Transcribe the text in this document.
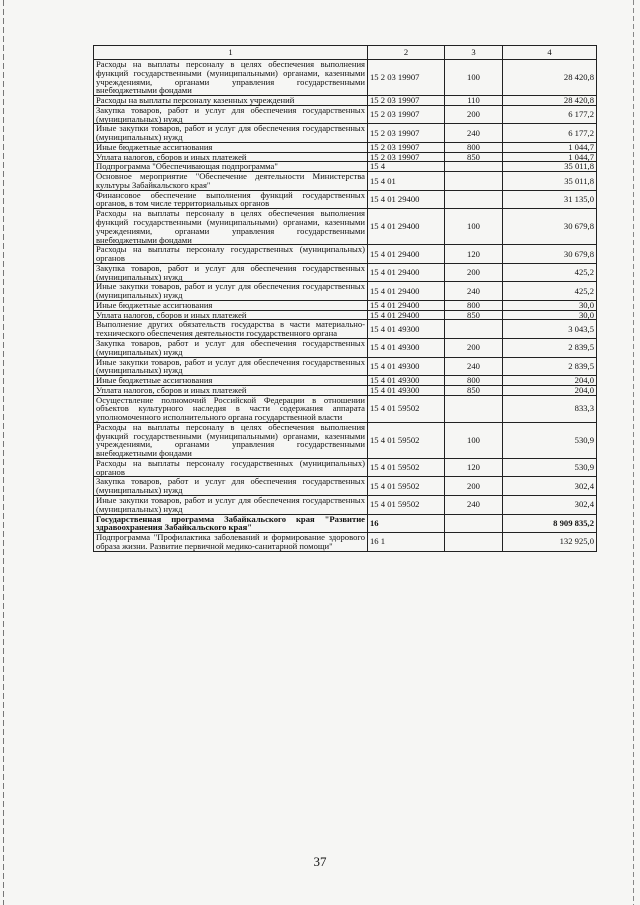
1	2	3	4
Расходы на выплаты персоналу в целях обеспечения выполнения функций государственными (муниципальными) органами, казенными учреждениями, органами управления государственными внебюджетными фондами	15 2 03 19907	100	28 420,8
Расходы на выплаты персоналу казенных учреждений	15 2 03 19907	110	28 420,8
Закупка товаров, работ и услуг для обеспечения государственных (муниципальных) нужд	15 2 03 19907	200	6 177,2
Иные закупки товаров, работ и услуг для обеспечения государственных (муниципальных) нужд	15 2 03 19907	240	6 177,2
Иные бюджетные ассигнования	15 2 03 19907	800	1 044,7
Уплата налогов, сборов и иных платежей	15 2 03 19907	850	1 044,7
Подпрограмма "Обеспечивающая подпрограмма"	15 4		35 011,8
Основное мероприятие "Обеспечение деятельности Министерства культуры Забайкальского края"	15 4 01		35 011,8
Финансовое обеспечение выполнения функций государственных органов, в том числе территориальных органов	15 4 01 29400		31 135,0
Расходы на выплаты персоналу в целях обеспечения выполнения функций государственными (муниципальными) органами, казенными учреждениями, органами управления государственными внебюджетными фондами	15 4 01 29400	100	30 679,8
Расходы на выплаты персоналу государственных (муниципальных) органов	15 4 01 29400	120	30 679,8
Закупка товаров, работ и услуг для обеспечения государственных (муниципальных) нужд	15 4 01 29400	200	425,2
Иные закупки товаров, работ и услуг для обеспечения государственных (муниципальных) нужд	15 4 01 29400	240	425,2
Иные бюджетные ассигнования	15 4 01 29400	800	30,0
Уплата налогов, сборов и иных платежей	15 4 01 29400	850	30,0
Выполнение других обязательств государства в части материально-технического обеспечения деятельности государственного органа	15 4 01 49300		3 043,5
Закупка товаров, работ и услуг для обеспечения государственных (муниципальных) нужд	15 4 01 49300	200	2 839,5
Иные закупки товаров, работ и услуг для обеспечения государственных (муниципальных) нужд	15 4 01 49300	240	2 839,5
Иные бюджетные ассигнования	15 4 01 49300	800	204,0
Уплата налогов, сборов и иных платежей	15 4 01 49300	850	204,0
Осуществление полномочий Российской Федерации в отношении объектов культурного наследия в части содержания аппарата уполномоченного исполнительного органа государственной власти	15 4 01 59502		833,3
Расходы на выплаты персоналу в целях обеспечения выполнения функций государственными (муниципальными) органами, казенными учреждениями, органами управления государственными внебюджетными фондами	15 4 01 59502	100	530,9
Расходы на выплаты персоналу государственных (муниципальных) органов	15 4 01 59502	120	530,9
Закупка товаров, работ и услуг для обеспечения государственных (муниципальных) нужд	15 4 01 59502	200	302,4
Иные закупки товаров, работ и услуг для обеспечения государственных (муниципальных) нужд	15 4 01 59502	240	302,4
Государственная программа Забайкальского края "Развитие здравоохранения Забайкальского края"	16		8 909 835,2
Подпрограмма "Профилактика заболеваний и формирование здорового образа жизни. Развитие первичной медико-санитарной помощи"	16 1		132 925,0
37
